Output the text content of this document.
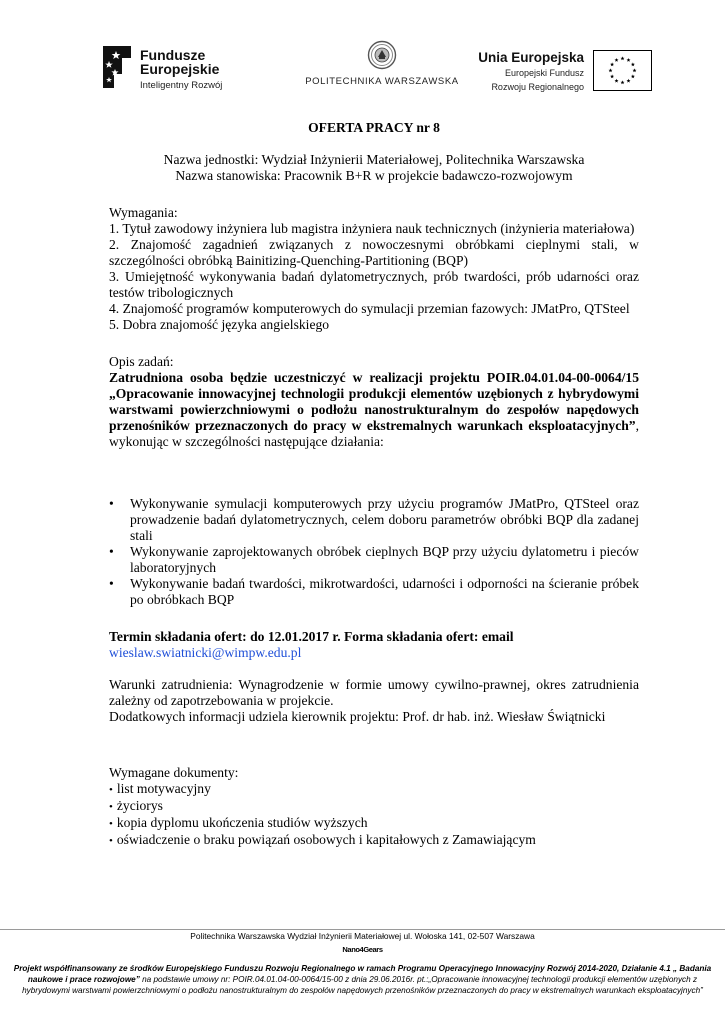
Fundusze
Europejskie
Inteligentny Rozwój	POLITECHNIKA WARSZAWSKA
Unia Europejska
Europejski Fundusz
Rozwoju Regionalnego

OFERTA PRACY nr 8

Nazwa jednostki: Wydział Inżynierii Materiałowej, Politechnika Warszawska

Nazwa stanowiska: Pracownik B+R w projekcie badawczo-rozwojowym

Wymagania:

1. Tytuł zawodowy inżyniera lub magistra inżyniera nauk technicznych (inżynieria materiałowa)

2. Znajomość zagadnień związanych z nowoczesnymi obróbkami cieplnymi stali, w szczególności obróbką Bainitizing-Quenching-Partitioning (BQP)

3. Umiejętność wykonywania badań dylatometrycznych, prób twardości, prób udarności oraz testów tribologicznych

4. Znajomość programów komputerowych do symulacji przemian fazowych: JMatPro, QTSteel

5. Dobra znajomość języka angielskiego

Opis zadań:

Zatrudniona osoba będzie uczestniczyć w realizacji projektu POIR.04.01.04-00-0064/15 „Opracowanie innowacyjnej technologii produkcji elementów uzębionych z hybrydowymi warstwami powierzchniowymi o podłożu nanostrukturalnym do zespołów napędowych przenośników przeznaczonych do pracy w ekstremalnych warunkach eksploatacyjnych”, wykonując w szczególności następujące działania:

• Wykonywanie symulacji komputerowych przy użyciu programów JMatPro, QTSteel oraz prowadzenie badań dylatometrycznych, celem doboru parametrów obróbki BQP dla zadanej stali
• Wykonywanie zaprojektowanych obróbek cieplnych BQP przy użyciu dylatometru i pieców laboratoryjnych
• Wykonywanie badań twardości, mikrotwardości, udarności i odporności na ścieranie próbek po obróbkach BQP

Termin składania ofert: do 12.01.2017 r. Forma składania ofert: email

wieslaw.swiatnicki@wimpw.edu.pl

Warunki zatrudnienia: Wynagrodzenie w formie umowy cywilno-prawnej, okres zatrudnienia zależny od zapotrzebowania w projekcie.

Dodatkowych informacji udziela kierownik projektu: Prof. dr hab. inż. Wiesław Świątnicki

Wymagane dokumenty:

• list motywacyjny
• życiorys
• kopia dyplomu ukończenia studiów wyższych
• oświadczenie o braku powiązań osobowych i kapitałowych z Zamawiającym
Politechnika Warszawska Wydział Inżynierii Materiałowej ul. Wołoska 141, 02-507 Warszawa
Nano4Gears
Projekt współfinansowany ze środków Europejskiego Funduszu Rozwoju Regionalnego w ramach Programu Operacyjnego Innowacyjny Rozwój 2014-2020, Działanie 4.1 „ Badania naukowe i prace rozwojowe” na podstawie umowy nr: POIR.04.01.04-00-0064/15-00 z dnia 29.06.2016r. pt.:„Opracowanie innowacyjnej technologii produkcji elementów uzębionych z hybrydowymi warstwami powierzchniowymi o podłożu nanostrukturalnym do zespołów napędowych przenośników przeznaczonych do pracy w ekstremalnych warunkach eksploatacyjnych”
